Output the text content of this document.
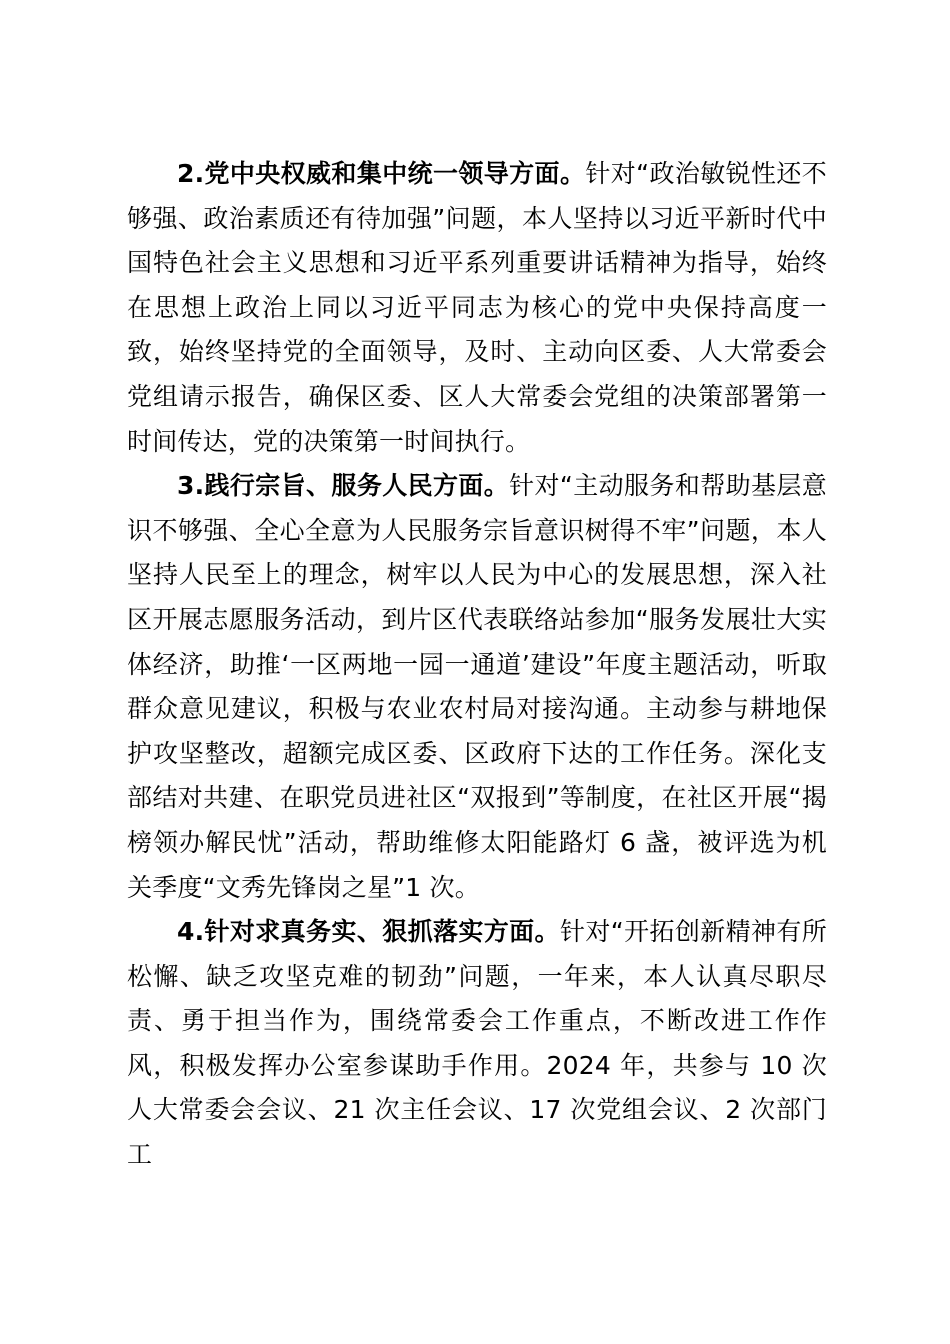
2.党中央权威和集中统一领导方面。针对“政治敏锐性还不够强、政治素质还有待加强”问题，本人坚持以习近平新时代中国特色社会主义思想和习近平系列重要讲话精神为指导，始终在思想上政治上同以习近平同志为核心的党中央保持高度一致，始终坚持党的全面领导，及时、主动向区委、人大常委会党组请示报告，确保区委、区人大常委会党组的决策部署第一时间传达，党的决策第一时间执行。

3.践行宗旨、服务人民方面。针对“主动服务和帮助基层意识不够强、全心全意为人民服务宗旨意识树得不牢”问题，本人坚持人民至上的理念，树牢以人民为中心的发展思想，深入社区开展志愿服务活动，到片区代表联络站参加“服务发展壮大实体经济，助推‘一区两地一园一通道’建设”年度主题活动，听取群众意见建议，积极与农业农村局对接沟通。主动参与耕地保护攻坚整改，超额完成区委、区政府下达的工作任务。深化支部结对共建、在职党员进社区“双报到”等制度，在社区开展“揭榜领办解民忧”活动，帮助维修太阳能路灯 6 盏，被评选为机关季度“文秀先锋岗之星”1 次。

4.针对求真务实、狠抓落实方面。针对“开拓创新精神有所松懈、缺乏攻坚克难的韧劲”问题，一年来，本人认真尽职尽责、勇于担当作为，围绕常委会工作重点，不断改进工作作风，积极发挥办公室参谋助手作用。2024 年，共参与 10 次人大常委会会议、21 次主任会议、17 次党组会议、2 次部门工
